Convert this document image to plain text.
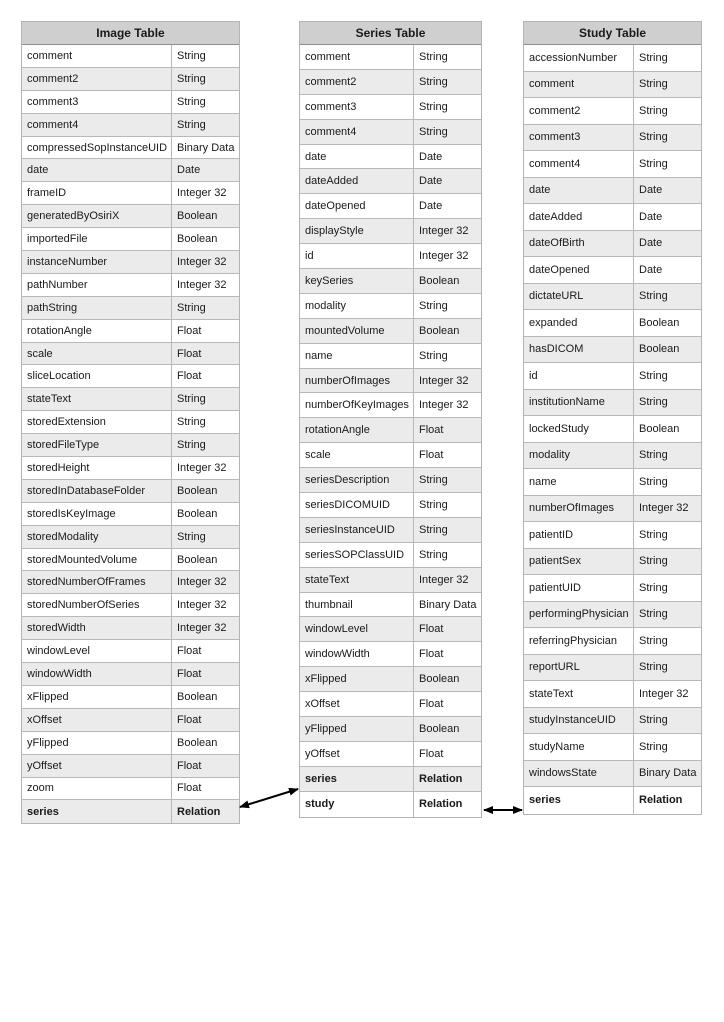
Image Table
comment	String
comment2	String
comment3	String
comment4	String
compressedSopInstanceUID Binary Data
date	Date
frameID	Integer 32
generatedByOsiriX	Boolean
importedFile	Boolean
instanceNumber	Integer 32
pathNumber	Integer 32
pathString	String
rotationAngle	Float
scale	Float
sliceLocation	Float
stateText	String
storedExtension	String
storedFileType	String
storedHeight	Integer 32
storedInDatabaseFolder	Boolean
storedIsKeyImage	Boolean
storedModality	String
storedMountedVolume	Boolean
storedNumberOfFrames	Integer 32
storedNumberOfSeries	Integer 32
storedWidth	Integer 32
windowLevel	Float
windowWidth	Float
xFlipped	Boolean
xOffset	Float
yFlipped	Boolean
yOffset	Float
zoom	Float
series	Relation
Series Table
comment	String
comment2	String
comment3	String
comment4	String
date	Date
dateAdded	Date
dateOpened	Date
displayStyle	Integer 32
id	Integer 32
keySeries	Boolean
modality	String
mountedVolume	Boolean
name	String
numberOfImages	Integer 32
numberOfKeyImages Integer 32
rotationAngle	Float
scale	Float
seriesDescription	String
seriesDICOMUID	String
seriesInstanceUID	String
seriesSOPClassUID	String
stateText	Integer 32
thumbnail	Binary Data
windowLevel	Float
windowWidth	Float
xFlipped	Boolean
xOffset	Float
yFlipped	Boolean
yOffset	Float
series	Relation
study	Relation
Study Table
accessionNumber	String
comment	String
comment2	String
comment3	String
comment4	String
date	Date
dateAdded	Date
dateOfBirth	Date
dateOpened	Date
dictateURL	String
expanded	Boolean
hasDICOM	Boolean
id	String
institutionName	String
lockedStudy	Boolean
modality	String
name	String
numberOfImages	Integer 32
patientID	String
patientSex	String
patientUID	String
performingPhysician String
referringPhysician	String
reportURL	String
stateText	Integer 32
studyInstanceUID	String
studyName	String
windowsState	Binary Data
series	Relation
